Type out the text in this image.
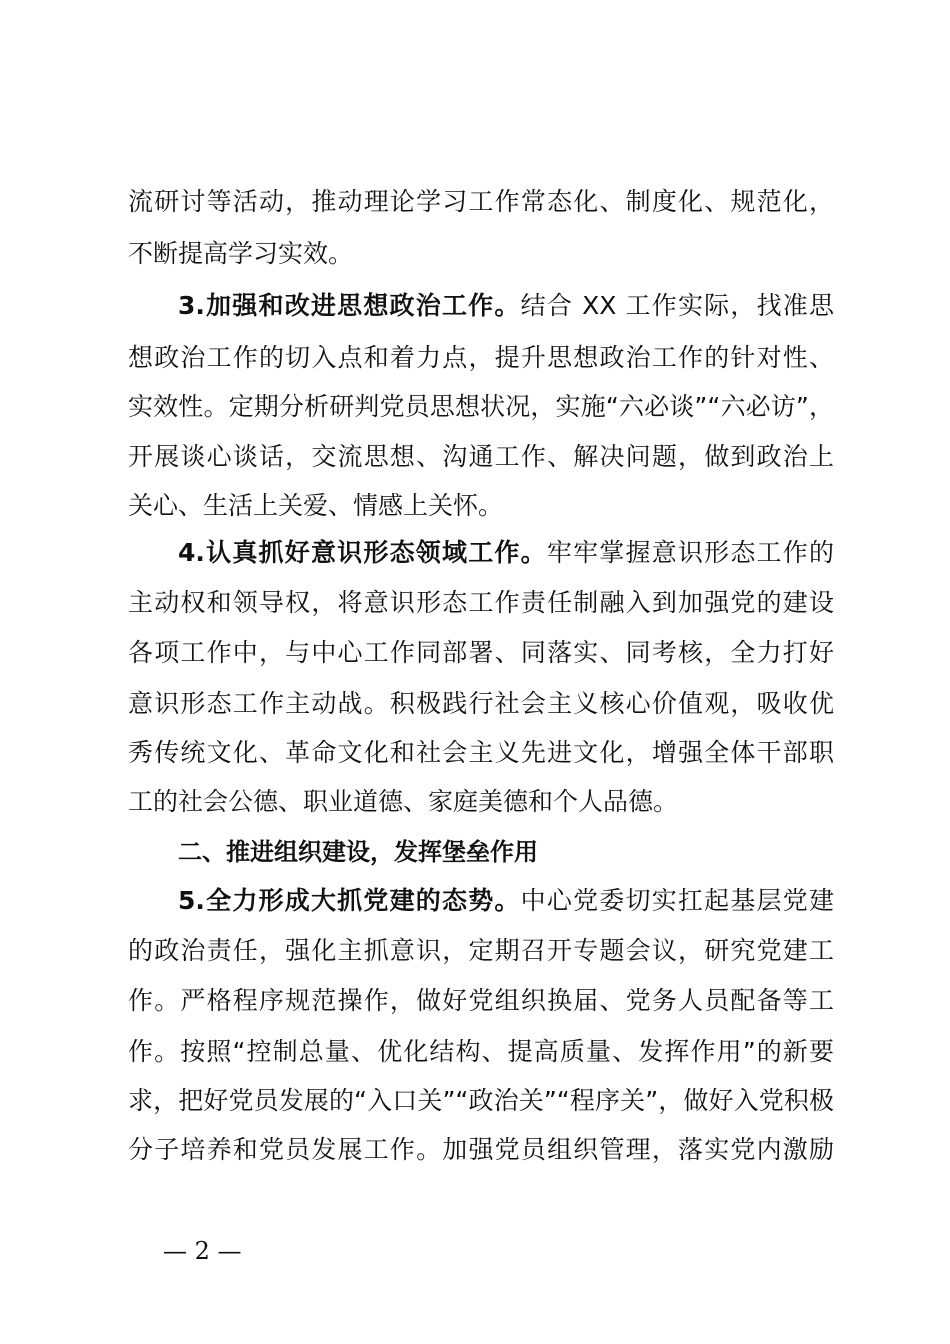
流研讨等活动，推动理论学习工作常态化、制度化、规范化，
不断提高学习实效。
3.加强和改进思想政治工作。结合 XX 工作实际，找准思
想政治工作的切入点和着力点，提升思想政治工作的针对性、
实效性。定期分析研判党员思想状况，实施“六必谈”“六必访”，
开展谈心谈话，交流思想、沟通工作、解决问题，做到政治上
关心、生活上关爱、情感上关怀。
4.认真抓好意识形态领域工作。牢牢掌握意识形态工作的
主动权和领导权，将意识形态工作责任制融入到加强党的建设
各项工作中，与中心工作同部署、同落实、同考核，全力打好
意识形态工作主动战。积极践行社会主义核心价值观，吸收优
秀传统文化、革命文化和社会主义先进文化，增强全体干部职
工的社会公德、职业道德、家庭美德和个人品德。
二、推进组织建设，发挥堡垒作用
5.全力形成大抓党建的态势。中心党委切实扛起基层党建
的政治责任，强化主抓意识，定期召开专题会议，研究党建工
作。严格程序规范操作，做好党组织换届、党务人员配备等工
作。按照“控制总量、优化结构、提高质量、发挥作用”的新要
求，把好党员发展的“入口关”“政治关”“程序关”，做好入党积极
分子培养和党员发展工作。加强党员组织管理，落实党内激励
— 2 —
